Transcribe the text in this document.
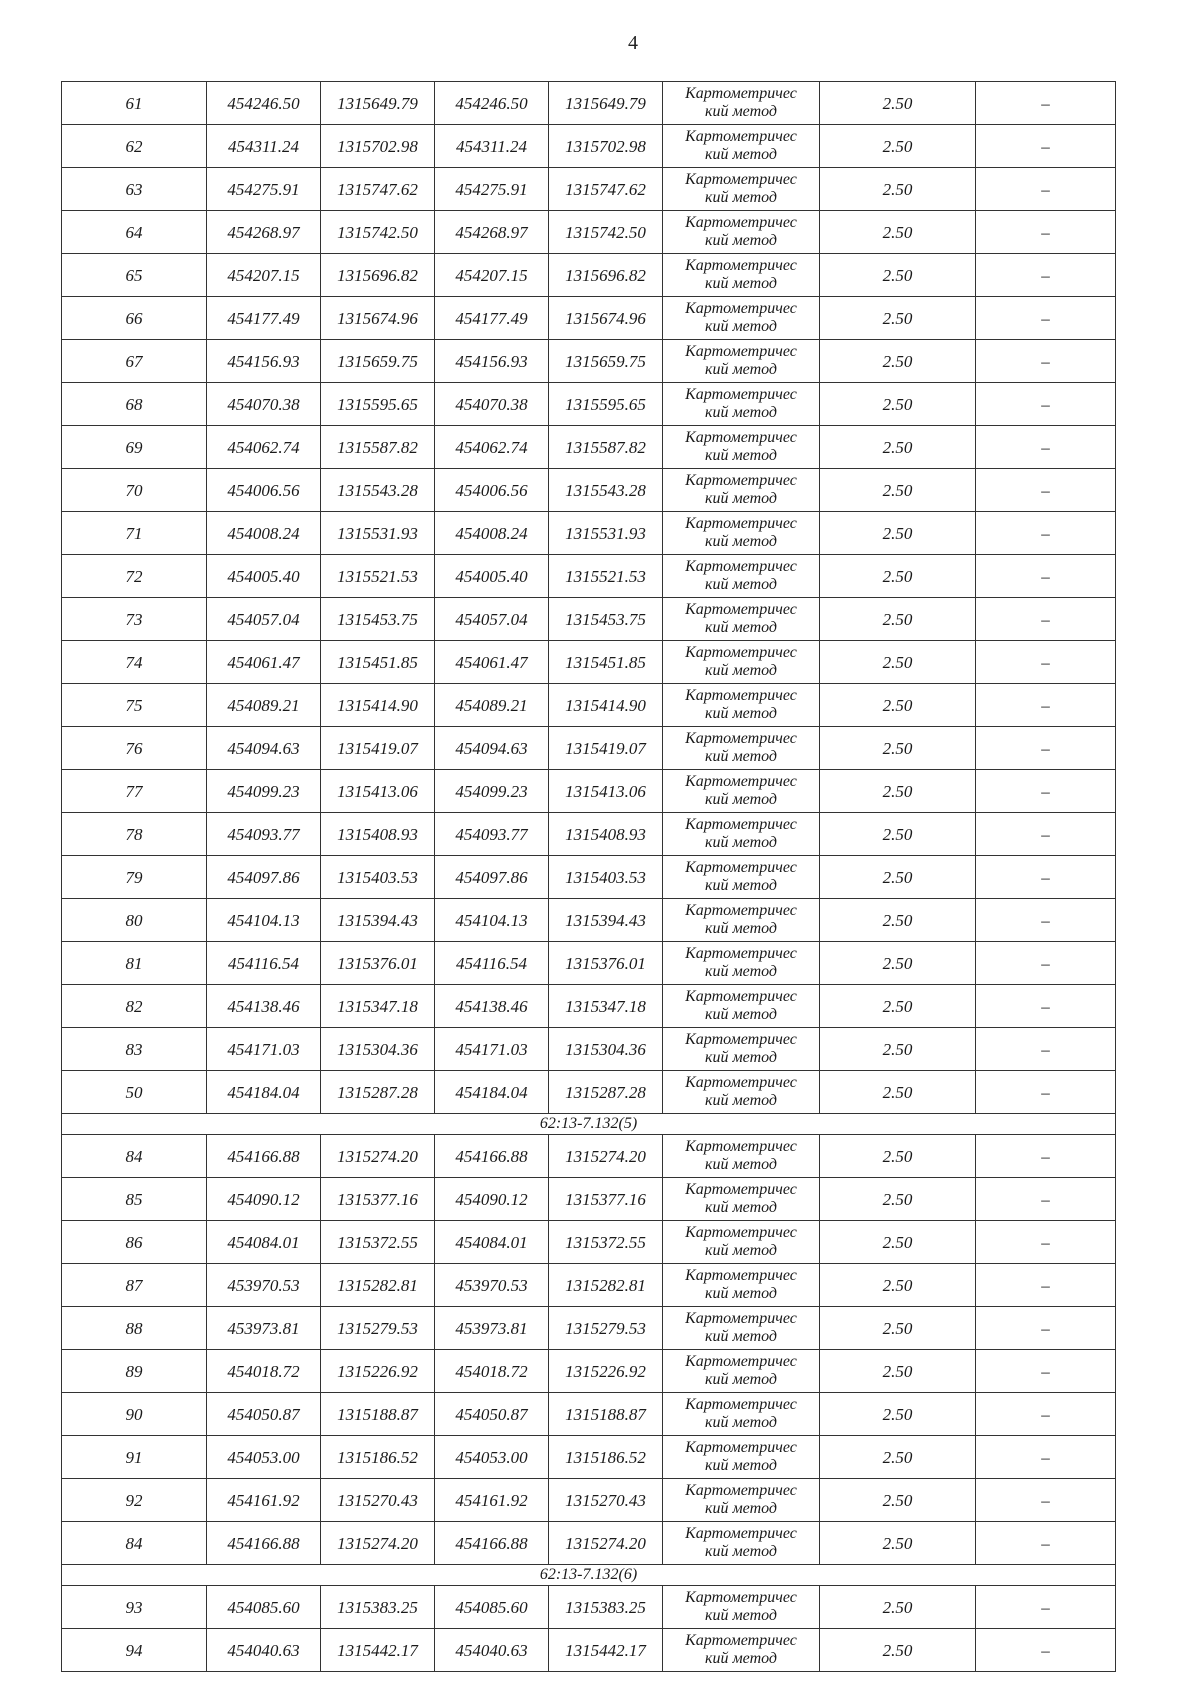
4
61	454246.50	1315649.79	454246.50	1315649.79	Картометричес
кий метод	2.50	–
62	454311.24	1315702.98	454311.24	1315702.98	Картометричес
кий метод	2.50	–
63	454275.91	1315747.62	454275.91	1315747.62	Картометричес
кий метод	2.50	–
64	454268.97	1315742.50	454268.97	1315742.50	Картометричес
кий метод	2.50	–
65	454207.15	1315696.82	454207.15	1315696.82	Картометричес
кий метод	2.50	–
66	454177.49	1315674.96	454177.49	1315674.96	Картометричес
кий метод	2.50	–
67	454156.93	1315659.75	454156.93	1315659.75	Картометричес
кий метод	2.50	–
68	454070.38	1315595.65	454070.38	1315595.65	Картометричес
кий метод	2.50	–
69	454062.74	1315587.82	454062.74	1315587.82	Картометричес
кий метод	2.50	–
70	454006.56	1315543.28	454006.56	1315543.28	Картометричес
кий метод	2.50	–
71	454008.24	1315531.93	454008.24	1315531.93	Картометричес
кий метод	2.50	–
72	454005.40	1315521.53	454005.40	1315521.53	Картометричес
кий метод	2.50	–
73	454057.04	1315453.75	454057.04	1315453.75	Картометричес
кий метод	2.50	–
74	454061.47	1315451.85	454061.47	1315451.85	Картометричес
кий метод	2.50	–
75	454089.21	1315414.90	454089.21	1315414.90	Картометричес
кий метод	2.50	–
76	454094.63	1315419.07	454094.63	1315419.07	Картометричес
кий метод	2.50	–
77	454099.23	1315413.06	454099.23	1315413.06	Картометричес
кий метод	2.50	–
78	454093.77	1315408.93	454093.77	1315408.93	Картометричес
кий метод	2.50	–
79	454097.86	1315403.53	454097.86	1315403.53	Картометричес
кий метод	2.50	–
80	454104.13	1315394.43	454104.13	1315394.43	Картометричес
кий метод	2.50	–
81	454116.54	1315376.01	454116.54	1315376.01	Картометричес
кий метод	2.50	–
82	454138.46	1315347.18	454138.46	1315347.18	Картометричес
кий метод	2.50	–
83	454171.03	1315304.36	454171.03	1315304.36	Картометричес
кий метод	2.50	–
50	454184.04	1315287.28	454184.04	1315287.28	Картометричес
кий метод	2.50	–
62:13-7.132(5)							
84	454166.88	1315274.20	454166.88	1315274.20	Картометричес
кий метод	2.50	–
85	454090.12	1315377.16	454090.12	1315377.16	Картометричес
кий метод	2.50	–
86	454084.01	1315372.55	454084.01	1315372.55	Картометричес
кий метод	2.50	–
87	453970.53	1315282.81	453970.53	1315282.81	Картометричес
кий метод	2.50	–
88	453973.81	1315279.53	453973.81	1315279.53	Картометричес
кий метод	2.50	–
89	454018.72	1315226.92	454018.72	1315226.92	Картометричес
кий метод	2.50	–
90	454050.87	1315188.87	454050.87	1315188.87	Картометричес
кий метод	2.50	–
91	454053.00	1315186.52	454053.00	1315186.52	Картометричес
кий метод	2.50	–
92	454161.92	1315270.43	454161.92	1315270.43	Картометричес
кий метод	2.50	–
84	454166.88	1315274.20	454166.88	1315274.20	Картометричес
кий метод	2.50	–
62:13-7.132(6)							
93	454085.60	1315383.25	454085.60	1315383.25	Картометричес
кий метод	2.50	–
94	454040.63	1315442.17	454040.63	1315442.17	Картометричес
кий метод	2.50	–
